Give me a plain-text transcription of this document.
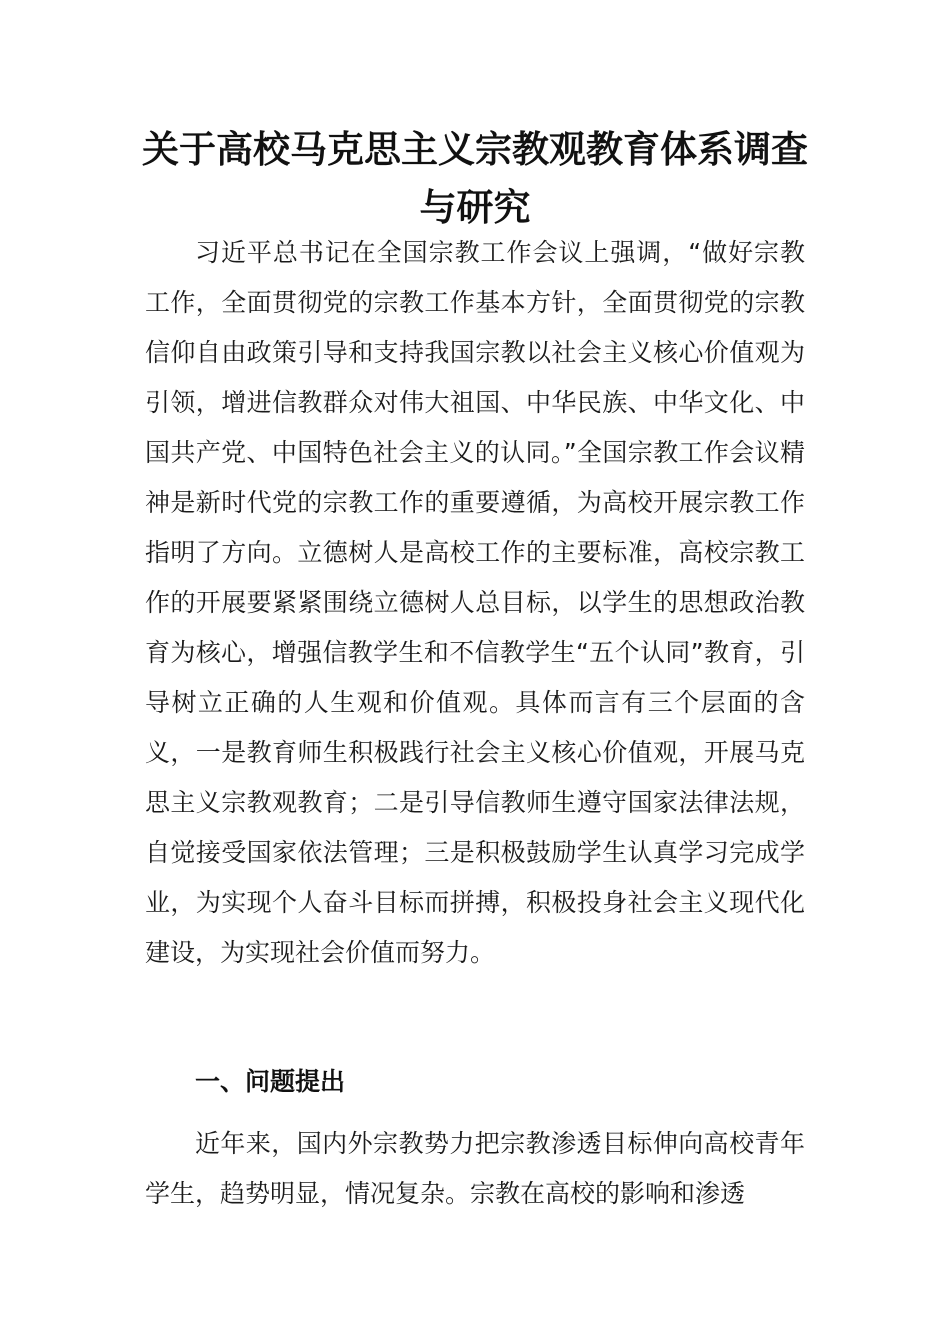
关于高校马克思主义宗教观教育体系调查与研究

习近平总书记在全国宗教工作会议上强调，“做好宗教工作，全面贯彻党的宗教工作基本方针，全面贯彻党的宗教信仰自由政策引导和支持我国宗教以社会主义核心价值观为引领，增进信教群众对伟大祖国、中华民族、中华文化、中国共产党、中国特色社会主义的认同。”全国宗教工作会议精神是新时代党的宗教工作的重要遵循，为高校开展宗教工作指明了方向。立德树人是高校工作的主要标准，高校宗教工作的开展要紧紧围绕立德树人总目标，以学生的思想政治教育为核心，增强信教学生和不信教学生“五个认同”教育，引导树立正确的人生观和价值观。具体而言有三个层面的含义，一是教育师生积极践行社会主义核心价值观，开展马克思主义宗教观教育；二是引导信教师生遵守国家法律法规，自觉接受国家依法管理；三是积极鼓励学生认真学习完成学业，为实现个人奋斗目标而拼搏，积极投身社会主义现代化建设，为实现社会价值而努力。

一、问题提出

近年来，国内外宗教势力把宗教渗透目标伸向高校青年学生，趋势明显，情况复杂。宗教在高校的影响和渗透
